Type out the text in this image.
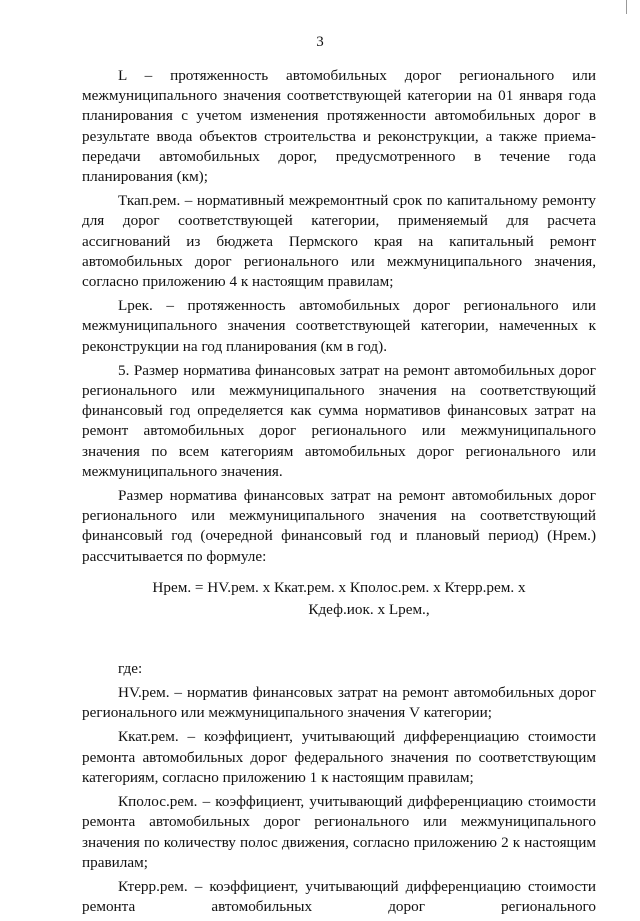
3

L – протяженность автомобильных дорог регионального или межмуниципального значения соответствующей категории на 01 января года планирования с учетом изменения протяженности автомобильных дорог в результате ввода объектов строительства и реконструкции, а также приема-передачи автомобильных дорог, предусмотренного в течение года планирования (км);

Ткап.рем. – нормативный межремонтный срок по капитальному ремонту для дорог соответствующей категории, применяемый для расчета ассигнований из бюджета Пермского края на капитальный ремонт автомобильных дорог регионального или межмуниципального значения, согласно приложению 4 к настоящим правилам;

Lрек. – протяженность автомобильных дорог регионального или межмуниципального значения соответствующей категории, намеченных к реконструкции на год планирования (км в год).

5. Размер норматива финансовых затрат на ремонт автомобильных дорог регионального или межмуниципального значения на соответствующий финансовый год определяется как сумма нормативов финансовых затрат на ремонт автомобильных дорог регионального или межмуниципального значения по всем категориям автомобильных дорог регионального или межмуниципального значения.

Размер норматива финансовых затрат на ремонт автомобильных дорог регионального или межмуниципального значения на соответствующий финансовый год (очередной финансовый год и плановый период) (Нрем.) рассчитывается по формуле:

Нрем. = НV.рем. x Ккат.рем. x Кполос.рем. x Ктерр.рем. x
Кдеф.иок. x Lрем.,

где:

НV.рем. – норматив финансовых затрат на ремонт автомобильных дорог регионального или межмуниципального значения V категории;

Ккат.рем. – коэффициент, учитывающий дифференциацию стоимости ремонта автомобильных дорог федерального значения по соответствующим категориям, согласно приложению 1 к настоящим правилам;

Кполос.рем. – коэффициент, учитывающий дифференциацию стоимости ремонта автомобильных дорог регионального или межмуниципального значения по количеству полос движения, согласно приложению 2 к настоящим правилам;

Ктерр.рем. – коэффициент, учитывающий дифференциацию стоимости ремонта автомобильных дорог регионального
